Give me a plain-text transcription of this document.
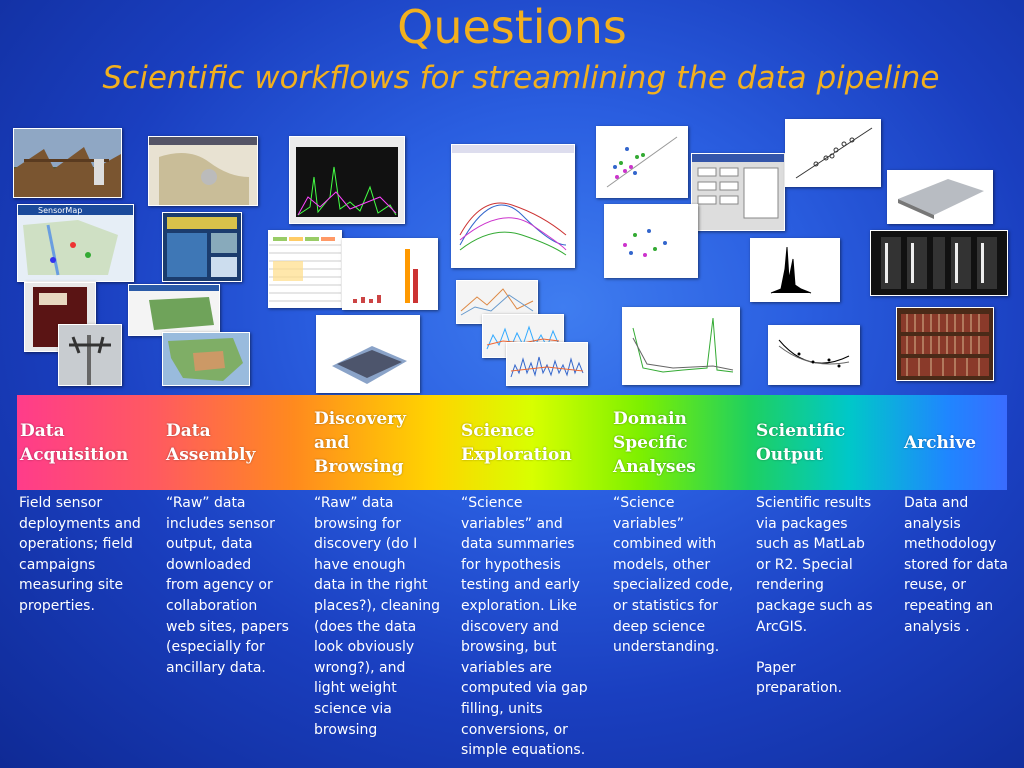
Questions
Scientific workflows for streamlining the data pipeline
SensorMap
Data
Acquisition
Data
Assembly
Discovery
and
Browsing
Science
Exploration
Domain
Specific
Analyses
Scientific
Output
Archive
Field sensor
deployments and
operations; field
campaigns
measuring site
properties.
“Raw” data
includes sensor
output, data
downloaded
from agency or
collaboration
web sites, papers
(especially for
ancillary data.
“Raw” data
browsing for
discovery (do I
have enough
data in the right
places?), cleaning
(does the data
look obviously
wrong?), and
light weight
science via
browsing
“Science
variables” and
data summaries
for hypothesis
testing and early
exploration. Like
discovery and
browsing, but
variables are
computed via gap
filling, units
conversions, or
simple equations.
“Science
variables”
combined with
models, other
specialized code,
or statistics for
deep science
understanding.
Scientific results
via packages
such as MatLab
or R2. Special
rendering
package such as
ArcGIS.

Paper
preparation.
Data and
analysis
methodology
stored for data
reuse, or
repeating an
analysis .
